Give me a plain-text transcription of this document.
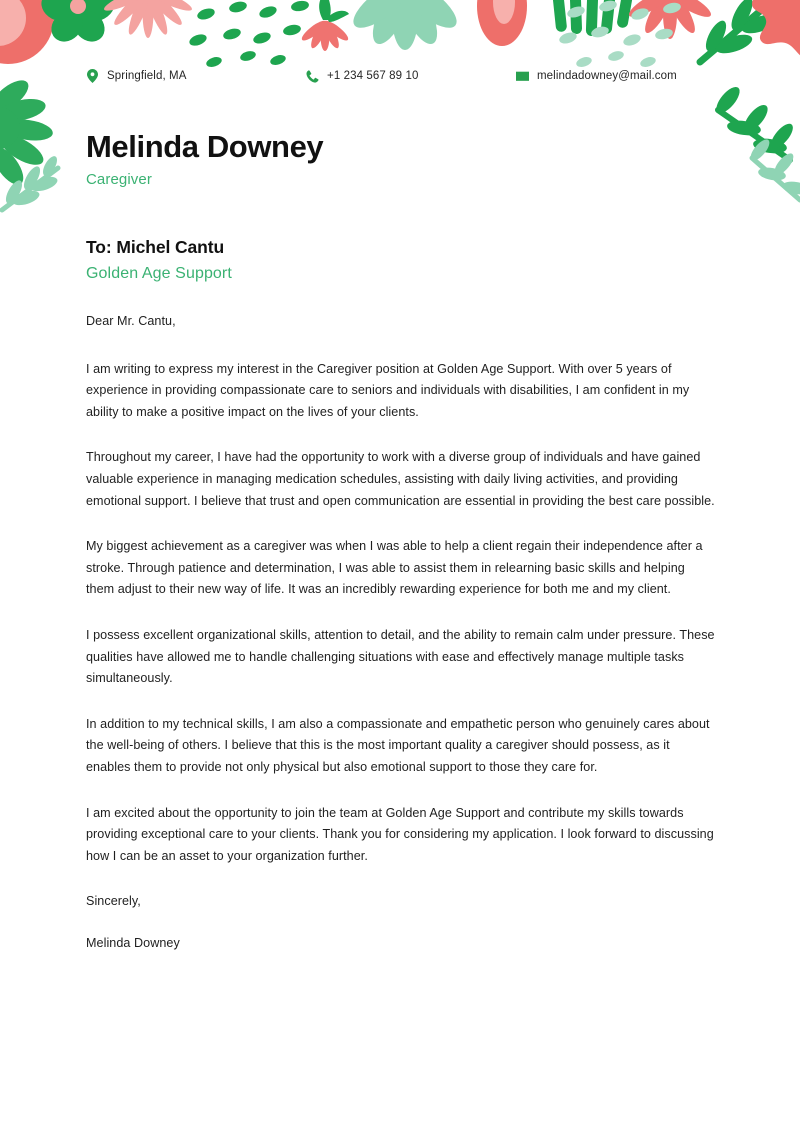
Springfield, MA	+1 234 567 89 10	melindadowney@mail.com
Melinda Downey
Caregiver
To: Michel Cantu
Golden Age Support

Dear Mr. Cantu,

I am writing to express my interest in the Caregiver position at Golden Age Support. With over 5 years of experience in providing compassionate care to seniors and individuals with disabilities, I am confident in my ability to make a positive impact on the lives of your clients.

Throughout my career, I have had the opportunity to work with a diverse group of individuals and have gained valuable experience in managing medication schedules, assisting with daily living activities, and providing emotional support. I believe that trust and open communication are essential in providing the best care possible.

My biggest achievement as a caregiver was when I was able to help a client regain their independence after a stroke. Through patience and determination, I was able to assist them in relearning basic skills and helping them adjust to their new way of life. It was an incredibly rewarding experience for both me and my client.

I possess excellent organizational skills, attention to detail, and the ability to remain calm under pressure. These qualities have allowed me to handle challenging situations with ease and effectively manage multiple tasks simultaneously.

In addition to my technical skills, I am also a compassionate and empathetic person who genuinely cares about the well-being of others. I believe that this is the most important quality a caregiver should possess, as it enables them to provide not only physical but also emotional support to those they care for.

I am excited about the opportunity to join the team at Golden Age Support and contribute my skills towards providing exceptional care to your clients. Thank you for considering my application. I look forward to discussing how I can be an asset to your organization further.

Sincerely,

Melinda Downey
